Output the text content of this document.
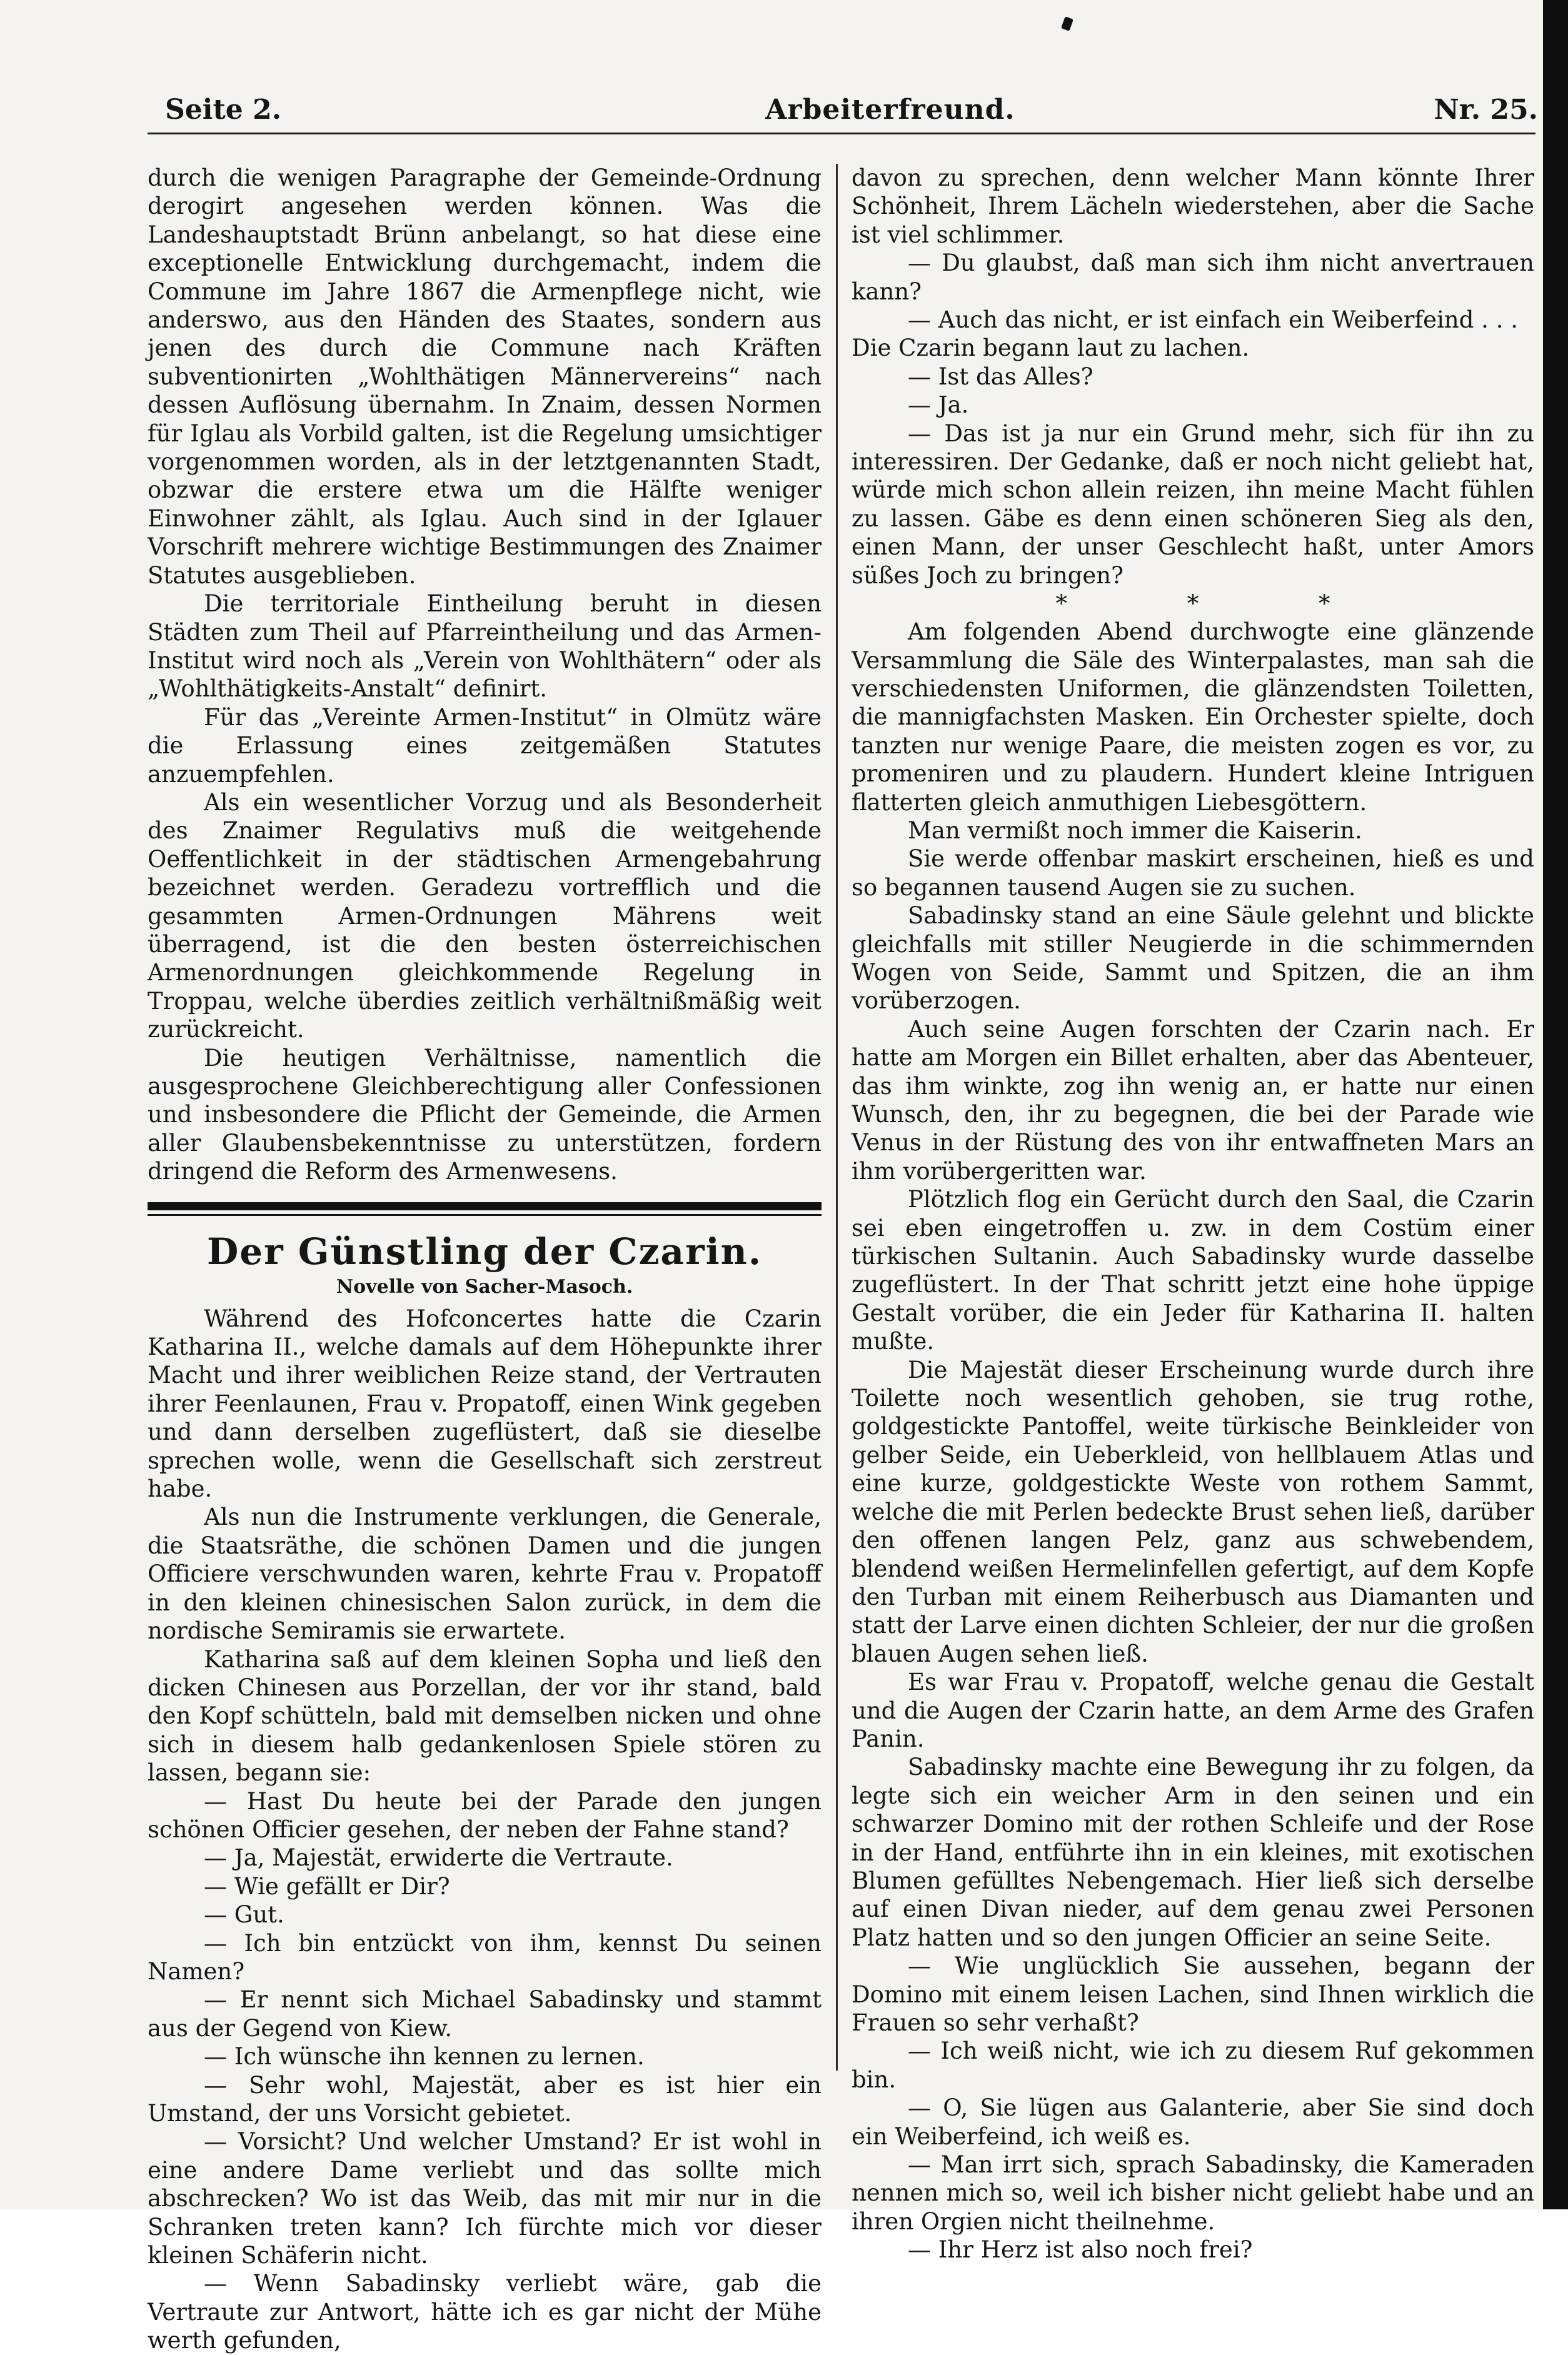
Seite 2.	Arbeiterfreund.	Nr. 25.

durch die wenigen Paragraphe der Gemeinde-Ordnung derogirt angesehen werden können. Was die Landeshauptstadt Brünn anbelangt, so hat diese eine exceptionelle Entwicklung durchgemacht, indem die Commune im Jahre 1867 die Armenpflege nicht, wie anderswo, aus den Händen des Staates, sondern aus jenen des durch die Commune nach Kräften subventionirten „Wohlthätigen Männervereins“ nach dessen Auflösung übernahm. In Znaim, dessen Normen für Iglau als Vorbild galten, ist die Regelung umsichtiger vorgenommen worden, als in der letztgenannten Stadt, obzwar die erstere etwa um die Hälfte weniger Einwohner zählt, als Iglau. Auch sind in der Iglauer Vorschrift mehrere wichtige Bestimmungen des Znaimer Statutes ausgeblieben.

Die territoriale Eintheilung beruht in diesen Städten zum Theil auf Pfarreintheilung und das Armen-Institut wird noch als „Verein von Wohlthätern“ oder als „Wohlthätigkeits-Anstalt“ definirt.

Für das „Vereinte Armen-Institut“ in Olmütz wäre die Erlassung eines zeitgemäßen Statutes anzuempfehlen.

Als ein wesentlicher Vorzug und als Besonderheit des Znaimer Regulativs muß die weitgehende Oeffentlichkeit in der städtischen Armengebahrung bezeichnet werden. Geradezu vortrefflich und die gesammten Armen-Ordnungen Mährens weit überragend, ist die den besten österreichischen Armenordnungen gleichkommende Regelung in Troppau, welche überdies zeitlich verhältnißmäßig weit zurückreicht.

Die heutigen Verhältnisse, namentlich die ausgesprochene Gleichberechtigung aller Confessionen und insbesondere die Pflicht der Gemeinde, die Armen aller Glaubensbekenntnisse zu unterstützen, fordern dringend die Reform des Armenwesens.

Der Günstling der Czarin.
Novelle von Sacher-Masoch.

Während des Hofconcertes hatte die Czarin Katharina II., welche damals auf dem Höhepunkte ihrer Macht und ihrer weiblichen Reize stand, der Vertrauten ihrer Feenlaunen, Frau v. Propatoff, einen Wink gegeben und dann derselben zugeflüstert, daß sie dieselbe sprechen wolle, wenn die Gesellschaft sich zerstreut habe.

Als nun die Instrumente verklungen, die Generale, die Staatsräthe, die schönen Damen und die jungen Officiere verschwunden waren, kehrte Frau v. Propatoff in den kleinen chinesischen Salon zurück, in dem die nordische Semiramis sie erwartete.

Katharina saß auf dem kleinen Sopha und ließ den dicken Chinesen aus Porzellan, der vor ihr stand, bald den Kopf schütteln, bald mit demselben nicken und ohne sich in diesem halb gedankenlosen Spiele stören zu lassen, begann sie:

— Hast Du heute bei der Parade den jungen schönen Officier gesehen, der neben der Fahne stand?

— Ja, Majestät, erwiderte die Vertraute.

— Wie gefällt er Dir?

— Gut.

— Ich bin entzückt von ihm, kennst Du seinen Namen?

— Er nennt sich Michael Sabadinsky und stammt aus der Gegend von Kiew.

— Ich wünsche ihn kennen zu lernen.

— Sehr wohl, Majestät, aber es ist hier ein Umstand, der uns Vorsicht gebietet.

— Vorsicht? Und welcher Umstand? Er ist wohl in eine andere Dame verliebt und das sollte mich abschrecken? Wo ist das Weib, das mit mir nur in die Schranken treten kann? Ich fürchte mich vor dieser kleinen Schäferin nicht.

— Wenn Sabadinsky verliebt wäre, gab die Vertraute zur Antwort, hätte ich es gar nicht der Mühe werth gefunden,

davon zu sprechen, denn welcher Mann könnte Ihrer Schönheit, Ihrem Lächeln wiederstehen, aber die Sache ist viel schlimmer.

— Du glaubst, daß man sich ihm nicht anvertrauen kann?

— Auch das nicht, er ist einfach ein Weiberfeind . . .

Die Czarin begann laut zu lachen.

— Ist das Alles?

— Ja.

— Das ist ja nur ein Grund mehr, sich für ihn zu interessiren. Der Gedanke, daß er noch nicht geliebt hat, würde mich schon allein reizen, ihn meine Macht fühlen zu lassen. Gäbe es denn einen schöneren Sieg als den, einen Mann, der unser Geschlecht haßt, unter Amors süßes Joch zu bringen?

* * *

Am folgenden Abend durchwogte eine glänzende Versammlung die Säle des Winterpalastes, man sah die verschiedensten Uniformen, die glänzendsten Toiletten, die mannigfachsten Masken. Ein Orchester spielte, doch tanzten nur wenige Paare, die meisten zogen es vor, zu promeniren und zu plaudern. Hundert kleine Intriguen flatterten gleich anmuthigen Liebesgöttern.

Man vermißt noch immer die Kaiserin.

Sie werde offenbar maskirt erscheinen, hieß es und so begannen tausend Augen sie zu suchen.

Sabadinsky stand an eine Säule gelehnt und blickte gleichfalls mit stiller Neugierde in die schimmernden Wogen von Seide, Sammt und Spitzen, die an ihm vorüberzogen.

Auch seine Augen forschten der Czarin nach. Er hatte am Morgen ein Billet erhalten, aber das Abenteuer, das ihm winkte, zog ihn wenig an, er hatte nur einen Wunsch, den, ihr zu begegnen, die bei der Parade wie Venus in der Rüstung des von ihr entwaffneten Mars an ihm vorübergeritten war.

Plötzlich flog ein Gerücht durch den Saal, die Czarin sei eben eingetroffen u. zw. in dem Costüm einer türkischen Sultanin. Auch Sabadinsky wurde dasselbe zugeflüstert. In der That schritt jetzt eine hohe üppige Gestalt vorüber, die ein Jeder für Katharina II. halten mußte.

Die Majestät dieser Erscheinung wurde durch ihre Toilette noch wesentlich gehoben, sie trug rothe, goldgestickte Pantoffel, weite türkische Beinkleider von gelber Seide, ein Ueberkleid, von hellblauem Atlas und eine kurze, goldgestickte Weste von rothem Sammt, welche die mit Perlen bedeckte Brust sehen ließ, darüber den offenen langen Pelz, ganz aus schwebendem, blendend weißen Hermelinfellen gefertigt, auf dem Kopfe den Turban mit einem Reiherbusch aus Diamanten und statt der Larve einen dichten Schleier, der nur die großen blauen Augen sehen ließ.

Es war Frau v. Propatoff, welche genau die Gestalt und die Augen der Czarin hatte, an dem Arme des Grafen Panin.

Sabadinsky machte eine Bewegung ihr zu folgen, da legte sich ein weicher Arm in den seinen und ein schwarzer Domino mit der rothen Schleife und der Rose in der Hand, entführte ihn in ein kleines, mit exotischen Blumen gefülltes Nebengemach. Hier ließ sich derselbe auf einen Divan nieder, auf dem genau zwei Personen Platz hatten und so den jungen Officier an seine Seite.

— Wie unglücklich Sie aussehen, begann der Domino mit einem leisen Lachen, sind Ihnen wirklich die Frauen so sehr verhaßt?

— Ich weiß nicht, wie ich zu diesem Ruf gekommen bin.

— O, Sie lügen aus Galanterie, aber Sie sind doch ein Weiberfeind, ich weiß es.

— Man irrt sich, sprach Sabadinsky, die Kameraden nennen mich so, weil ich bisher nicht geliebt habe und an ihren Orgien nicht theilnehme.

— Ihr Herz ist also noch frei?
